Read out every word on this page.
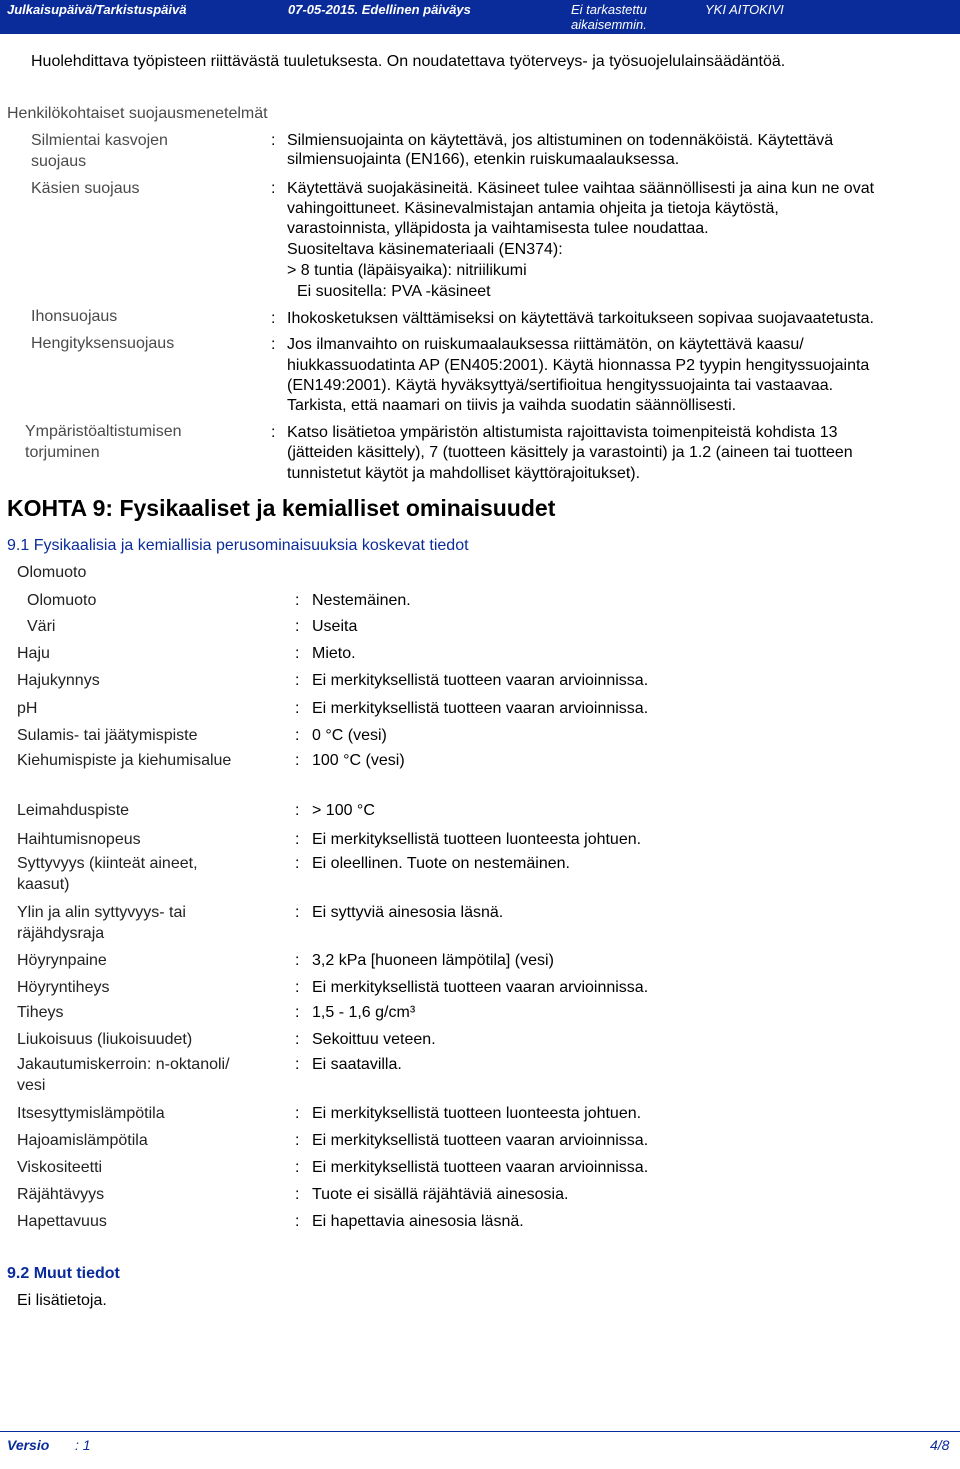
Julkaisupäivä/Tarkistuspäivä	07-05-2015. Edellinen päiväys	Ei tarkastettu
aikaisemmin.
YKI AITOKIVI
Huolehdittava työpisteen riittävästä tuuletuksesta. On noudatettava työterveys- ja työsuojelulainsäädäntöä.
Henkilökohtaiset suojausmenetelmät
Silmientai kasvojen
suojaus
: Silmiensuojainta on käytettävä, jos altistuminen on todennäköistä. Käytettävä
silmiensuojainta (EN166), etenkin ruiskumaalauksessa.
Käsien suojaus	: Käytettävä suojakäsineitä. Käsineet tulee vaihtaa säännöllisesti ja aina kun ne ovat
vahingoittuneet. Käsinevalmistajan antamia ohjeita ja tietoja käytöstä,
varastoinnista, ylläpidosta ja vaihtamisesta tulee noudattaa.
Suositeltava käsinemateriaali (EN374):
> 8 tuntia (läpäisyaika): nitriilikumi
Ei suositella: PVA -käsineet
Ihonsuojaus	: Ihokosketuksen välttämiseksi on käytettävä tarkoitukseen sopivaa suojavaatetusta.
Hengityksensuojaus	: Jos ilmanvaihto on ruiskumaalauksessa riittämätön, on käytettävä kaasu/
hiukkassuodatinta AP (EN405:2001). Käytä hionnassa P2 tyypin hengityssuojainta
(EN149:2001). Käytä hyväksyttyä/sertifioitua hengityssuojainta tai vastaavaa.
Tarkista, että naamari on tiivis ja vaihda suodatin säännöllisesti.
Ympäristöaltistumisen
torjuminen
: Katso lisätietoa ympäristön altistumista rajoittavista toimenpiteistä kohdista 13
(jätteiden käsittely), 7 (tuotteen käsittely ja varastointi) ja 1.2 (aineen tai tuotteen
tunnistetut käytöt ja mahdolliset käyttörajoitukset).
KOHTA 9: Fysikaaliset ja kemialliset ominaisuudet
9.1 Fysikaalisia ja kemiallisia perusominaisuuksia koskevat tiedot
Olomuoto
Olomuoto	: Nestemäinen.
Väri	: Useita
Haju	: Mieto.
Hajukynnys	: Ei merkityksellistä tuotteen vaaran arvioinnissa.
pH	: Ei merkityksellistä tuotteen vaaran arvioinnissa.
Sulamis- tai jäätymispiste	: 0 °C (vesi)
Kiehumispiste ja kiehumisalue	: 100 °C (vesi)
Leimahduspiste	: > 100 °C
Haihtumisnopeus	: Ei merkityksellistä tuotteen luonteesta johtuen.
Syttyvyys (kiinteät aineet,
kaasut)
: Ei oleellinen. Tuote on nestemäinen.
Ylin ja alin syttyvyys- tai
räjähdysraja
: Ei syttyviä ainesosia läsnä.
Höyrynpaine	: 3,2 kPa [huoneen lämpötila] (vesi)
Höyryntiheys	: Ei merkityksellistä tuotteen vaaran arvioinnissa.
Tiheys	: 1,5 - 1,6 g/cm³
Liukoisuus (liukoisuudet)	: Sekoittuu veteen.
Jakautumiskerroin: n-oktanoli/
vesi
: Ei saatavilla.
Itsesyttymislämpötila	: Ei merkityksellistä tuotteen luonteesta johtuen.
Hajoamislämpötila	: Ei merkityksellistä tuotteen vaaran arvioinnissa.
Viskositeetti	: Ei merkityksellistä tuotteen vaaran arvioinnissa.
Räjähtävyys	: Tuote ei sisällä räjähtäviä ainesosia.
Hapettavuus	: Ei hapettavia ainesosia läsnä.
9.2 Muut tiedot
Ei lisätietoja.
Versio : 1	4/8
